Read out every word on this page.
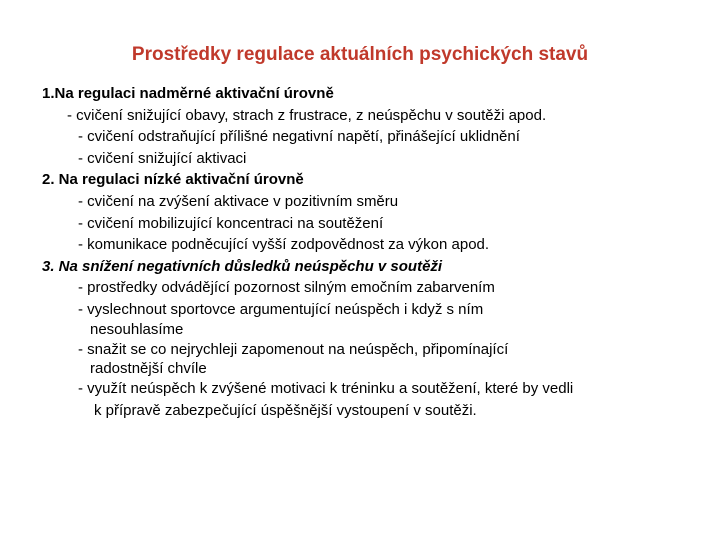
Prostředky regulace aktuálních psychických stavů
1.Na regulaci nadměrné aktivační úrovně
- cvičení snižující obavy, strach z frustrace, z neúspěchu v soutěži apod.
- cvičení odstraňující přílišné negativní napětí, přinášející uklidnění
- cvičení snižující aktivaci
2. Na regulaci nízké aktivační úrovně
- cvičení na zvýšení aktivace v pozitivním směru
- cvičení mobilizující koncentraci na soutěžení
- komunikace podněcující vyšší zodpovědnost za výkon apod.
3. Na snížení negativních důsledků neúspěchu v soutěži
- prostředky odvádějící pozornost silným emočním zabarvením
- vyslechnout sportovce argumentující neúspěch i když s ním
nesouhlasíme
- snažit se co nejrychleji zapomenout na neúspěch, připomínající
radostnější chvíle
- využít neúspěch k zvýšené motivaci k tréninku a soutěžení, které by vedli
k přípravě zabezpečující úspěšnější vystoupení v soutěži.
